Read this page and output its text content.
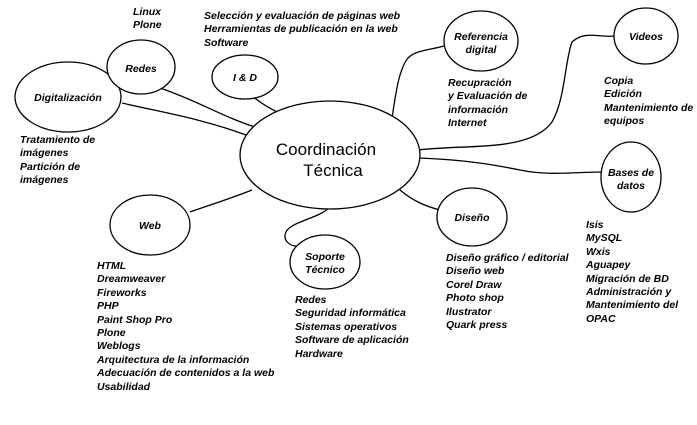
Coordinación
Técnica
Digitalización
Redes
I & D
Referencia
digital
Videos
Bases de
datos
Diseño
Soporte
Técnico
Web
Tratamiento de
imágenes
Partición de
imágenes
Linux
Plone
Selección y evaluación de páginas web
Herramientas de publicación en la web
Software
Recupración
y Evaluación de
información
Internet
Copia
Edición
Mantenimiento de
equipos
Isis
MySQL
Wxis
Aguapey
Migración de BD
Administración y
Mantenimiento del
OPAC
Diseño gráfico / editorial
Diseño web
Corel Draw
Photo shop
Ilustrator
Quark press
Redes
Seguridad informática
Sistemas operativos
Software de aplicación
Hardware
HTML
Dreamweaver
Fireworks
PHP
Paint Shop Pro
Plone
Weblogs
Arquitectura de la información
Adecuación de contenidos a la web
Usabilidad
